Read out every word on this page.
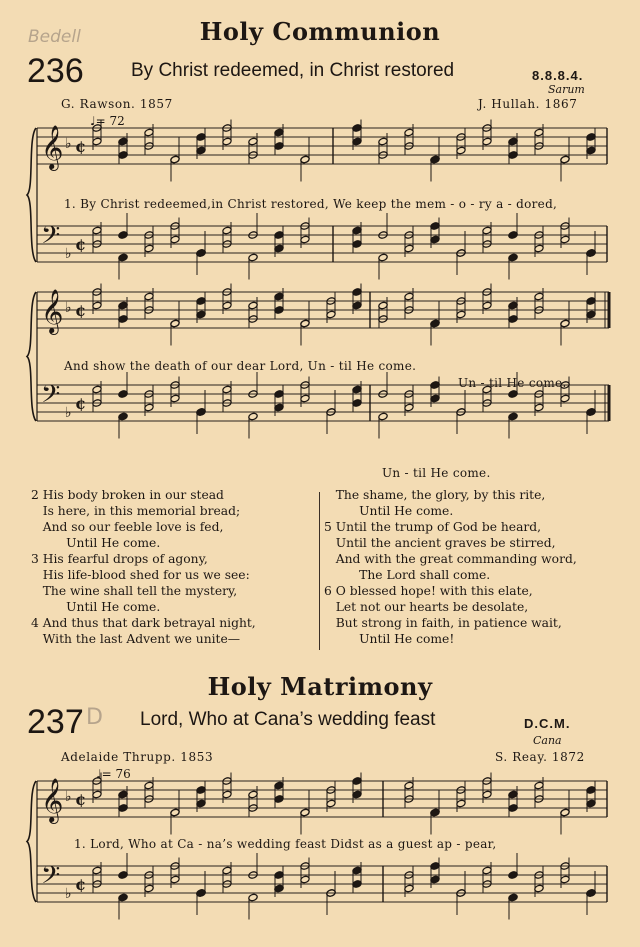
Bedell	Holy Communion
236 By Christ redeemed, in Christ restored	8.8.8.4.
Sarum
G. Rawson. 1857	J. Hullah. 1867
♩= 72
𝄞
𝄢
♭
♭
¢
¢
𝄞
𝄢
♭
♭
¢
¢
𝄞
𝄢
♭
♭
¢
¢
1. By Christ redeemed,in Christ restored, We keep the mem - o - ry a - dored,
And show the death of our dear Lord, Un - til He come.
Un - til He come.
Un - til He come.
2 His body broken in our stead
Is here, in this memorial bread;
And so our feeble love is fed,
Until He come.
3 His fearful drops of agony,
His life-blood shed for us we see:
The wine shall tell the mystery,
Until He come.
4 And thus that dark betrayal night,
With the last Advent we unite—
The shame, the glory, by this rite,
Until He come.
5 Until the trump of God be heard,
Until the ancient graves be stirred,
And with the great commanding word,
The Lord shall come.
6 O blessed hope! with this elate,
Let not our hearts be desolate,
But strong in faith, in patience wait,
Until He come!
Holy Matrimony
237 D Lord, Who at Cana’s wedding feast	D.C.M.
Cana
Adelaide Thrupp. 1853	S. Reay. 1872
♩= 76
1. Lord, Who at Ca - na’s wedding feast Didst as a guest ap - pear,
